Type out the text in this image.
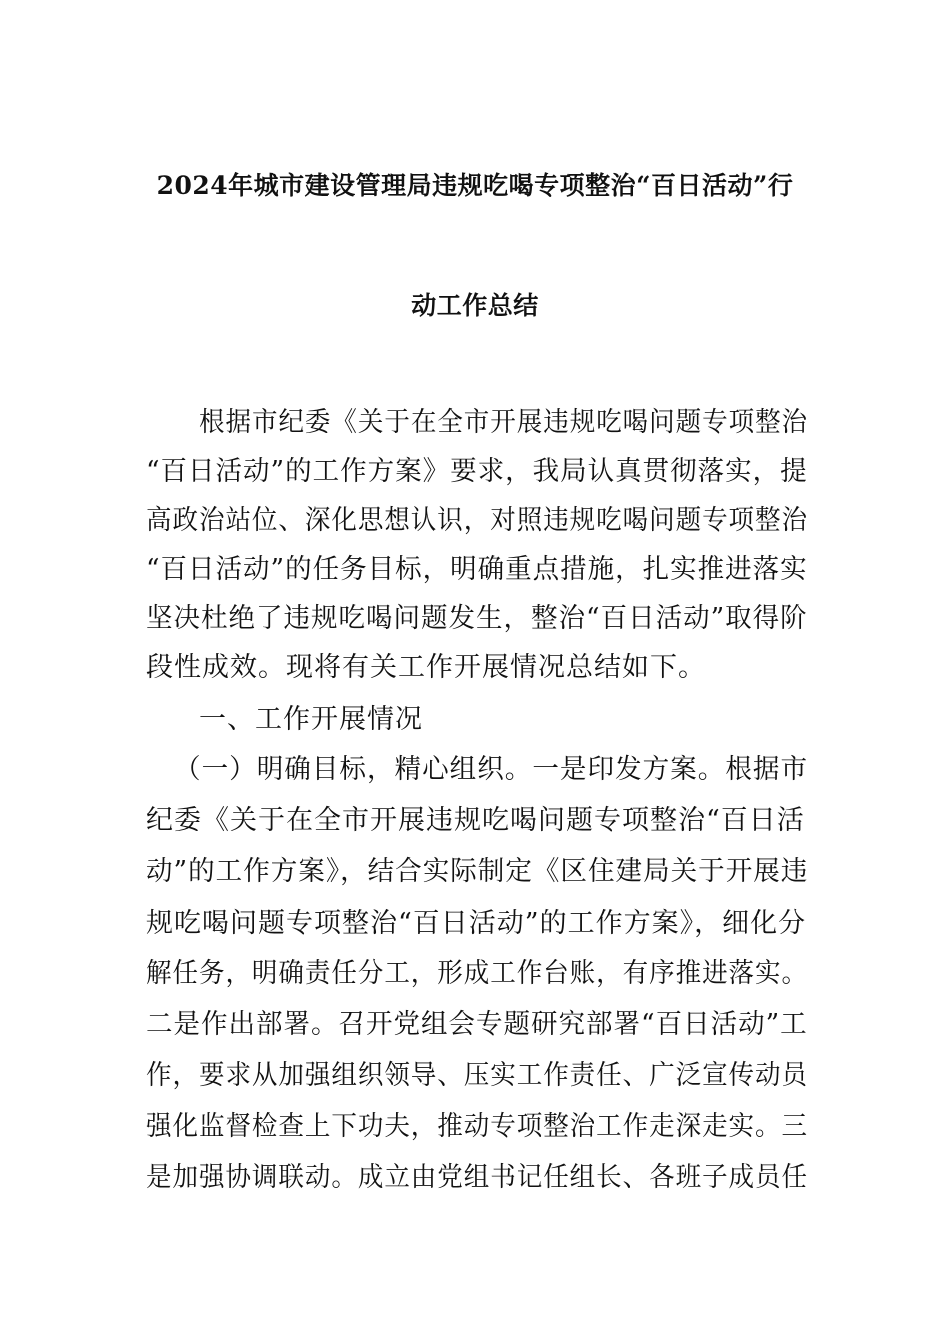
2024年城市建设管理局违规吃喝专项整治“百日活动”行
动工作总结
根据市纪委《关于在全市开展违规吃喝问题专项整治
“百日活动”的工作方案》要求，我局认真贯彻落实，提
高政治站位、深化思想认识，对照违规吃喝问题专项整治
“百日活动”的任务目标，明确重点措施，扎实推进落实
坚决杜绝了违规吃喝问题发生，整治“百日活动”取得阶
段性成效。现将有关工作开展情况总结如下。
一、工作开展情况
（一）明确目标，精心组织。一是印发方案。根据市
纪委《关于在全市开展违规吃喝问题专项整治“百日活
动”的工作方案》，结合实际制定《区住建局关于开展违
规吃喝问题专项整治“百日活动”的工作方案》，细化分
解任务，明确责任分工，形成工作台账，有序推进落实。
二是作出部署。召开党组会专题研究部署“百日活动”工
作，要求从加强组织领导、压实工作责任、广泛宣传动员
强化监督检查上下功夫，推动专项整治工作走深走实。三
是加强协调联动。成立由党组书记任组长、各班子成员任
